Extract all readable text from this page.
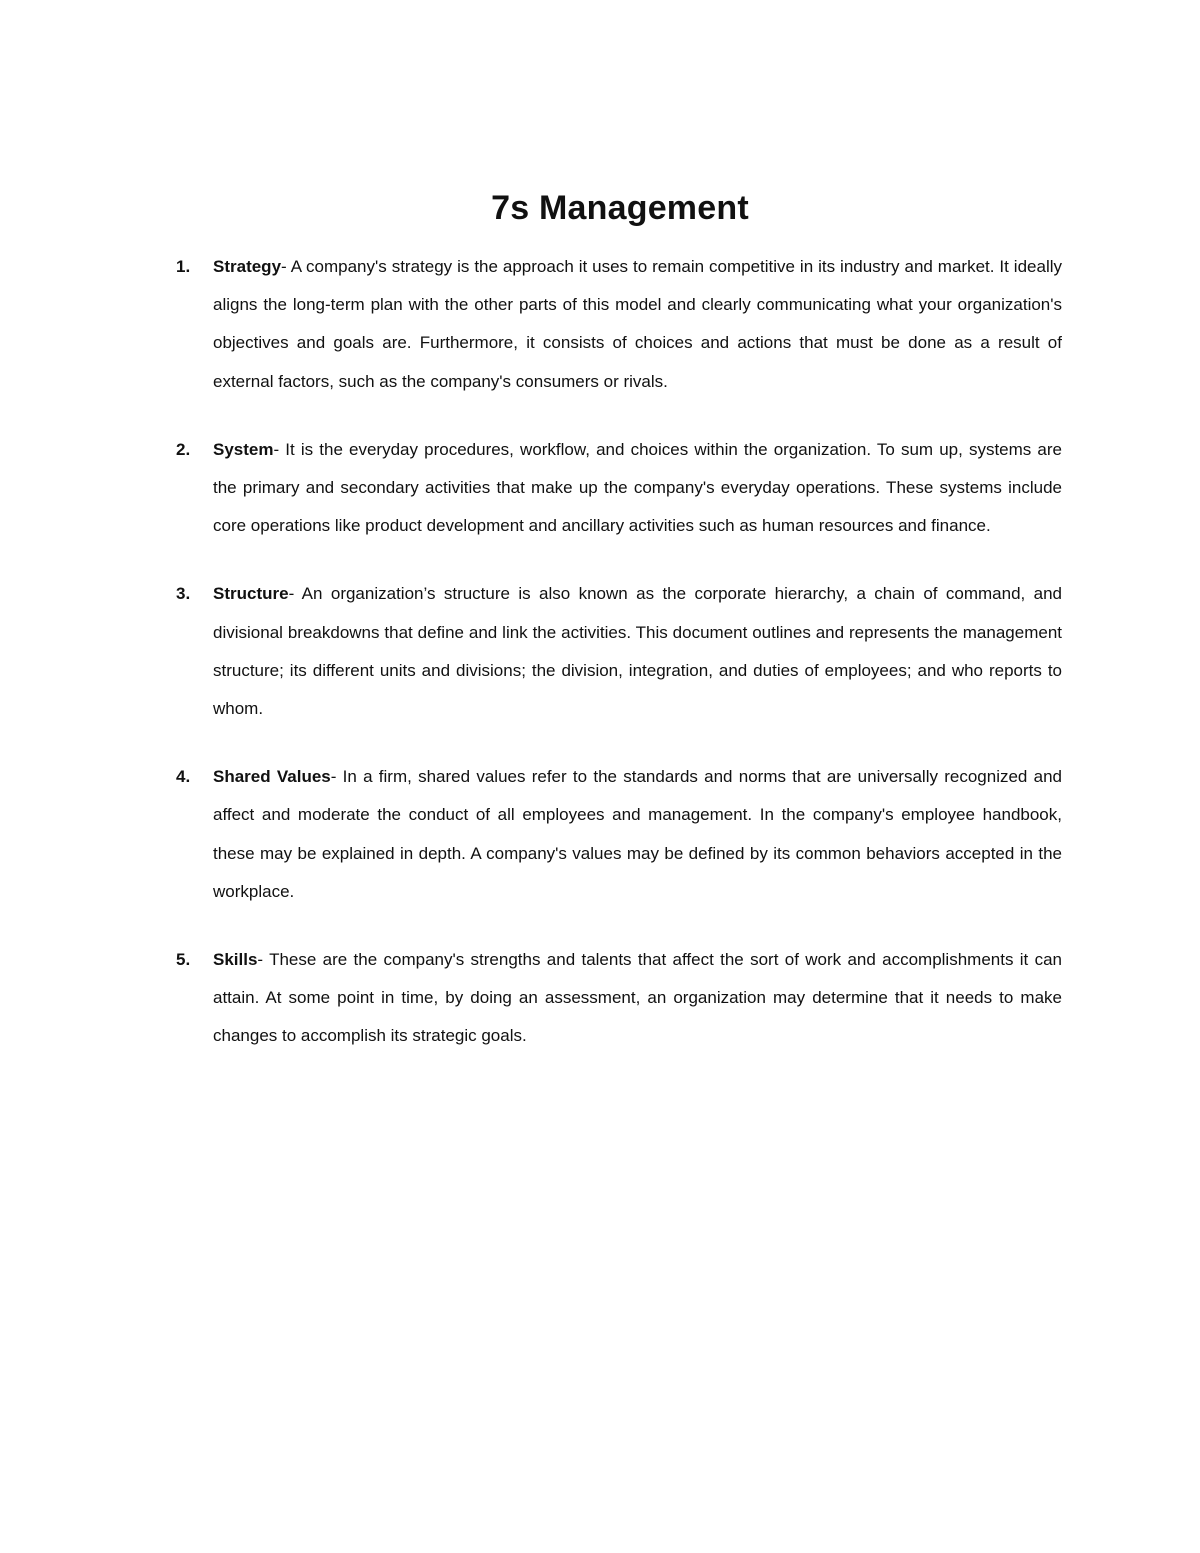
7s Management
1. Strategy- A company's strategy is the approach it uses to remain competitive in its industry and market. It ideally aligns the long-term plan with the other parts of this model and clearly communicating what your organization's objectives and goals are. Furthermore, it consists of choices and actions that must be done as a result of external factors, such as the company's consumers or rivals.
2. System- It is the everyday procedures, workflow, and choices within the organization. To sum up, systems are the primary and secondary activities that make up the company's everyday operations. These systems include core operations like product development and ancillary activities such as human resources and finance.
3. Structure- An organization’s structure is also known as the corporate hierarchy, a chain of command, and divisional breakdowns that define and link the activities. This document outlines and represents the management structure; its different units and divisions; the division, integration, and duties of employees; and who reports to whom.
4. Shared Values- In a firm, shared values refer to the standards and norms that are universally recognized and affect and moderate the conduct of all employees and management. In the company's employee handbook, these may be explained in depth. A company's values may be defined by its common behaviors accepted in the workplace.
5. Skills- These are the company's strengths and talents that affect the sort of work and accomplishments it can attain. At some point in time, by doing an assessment, an organization may determine that it needs to make changes to accomplish its strategic goals.
